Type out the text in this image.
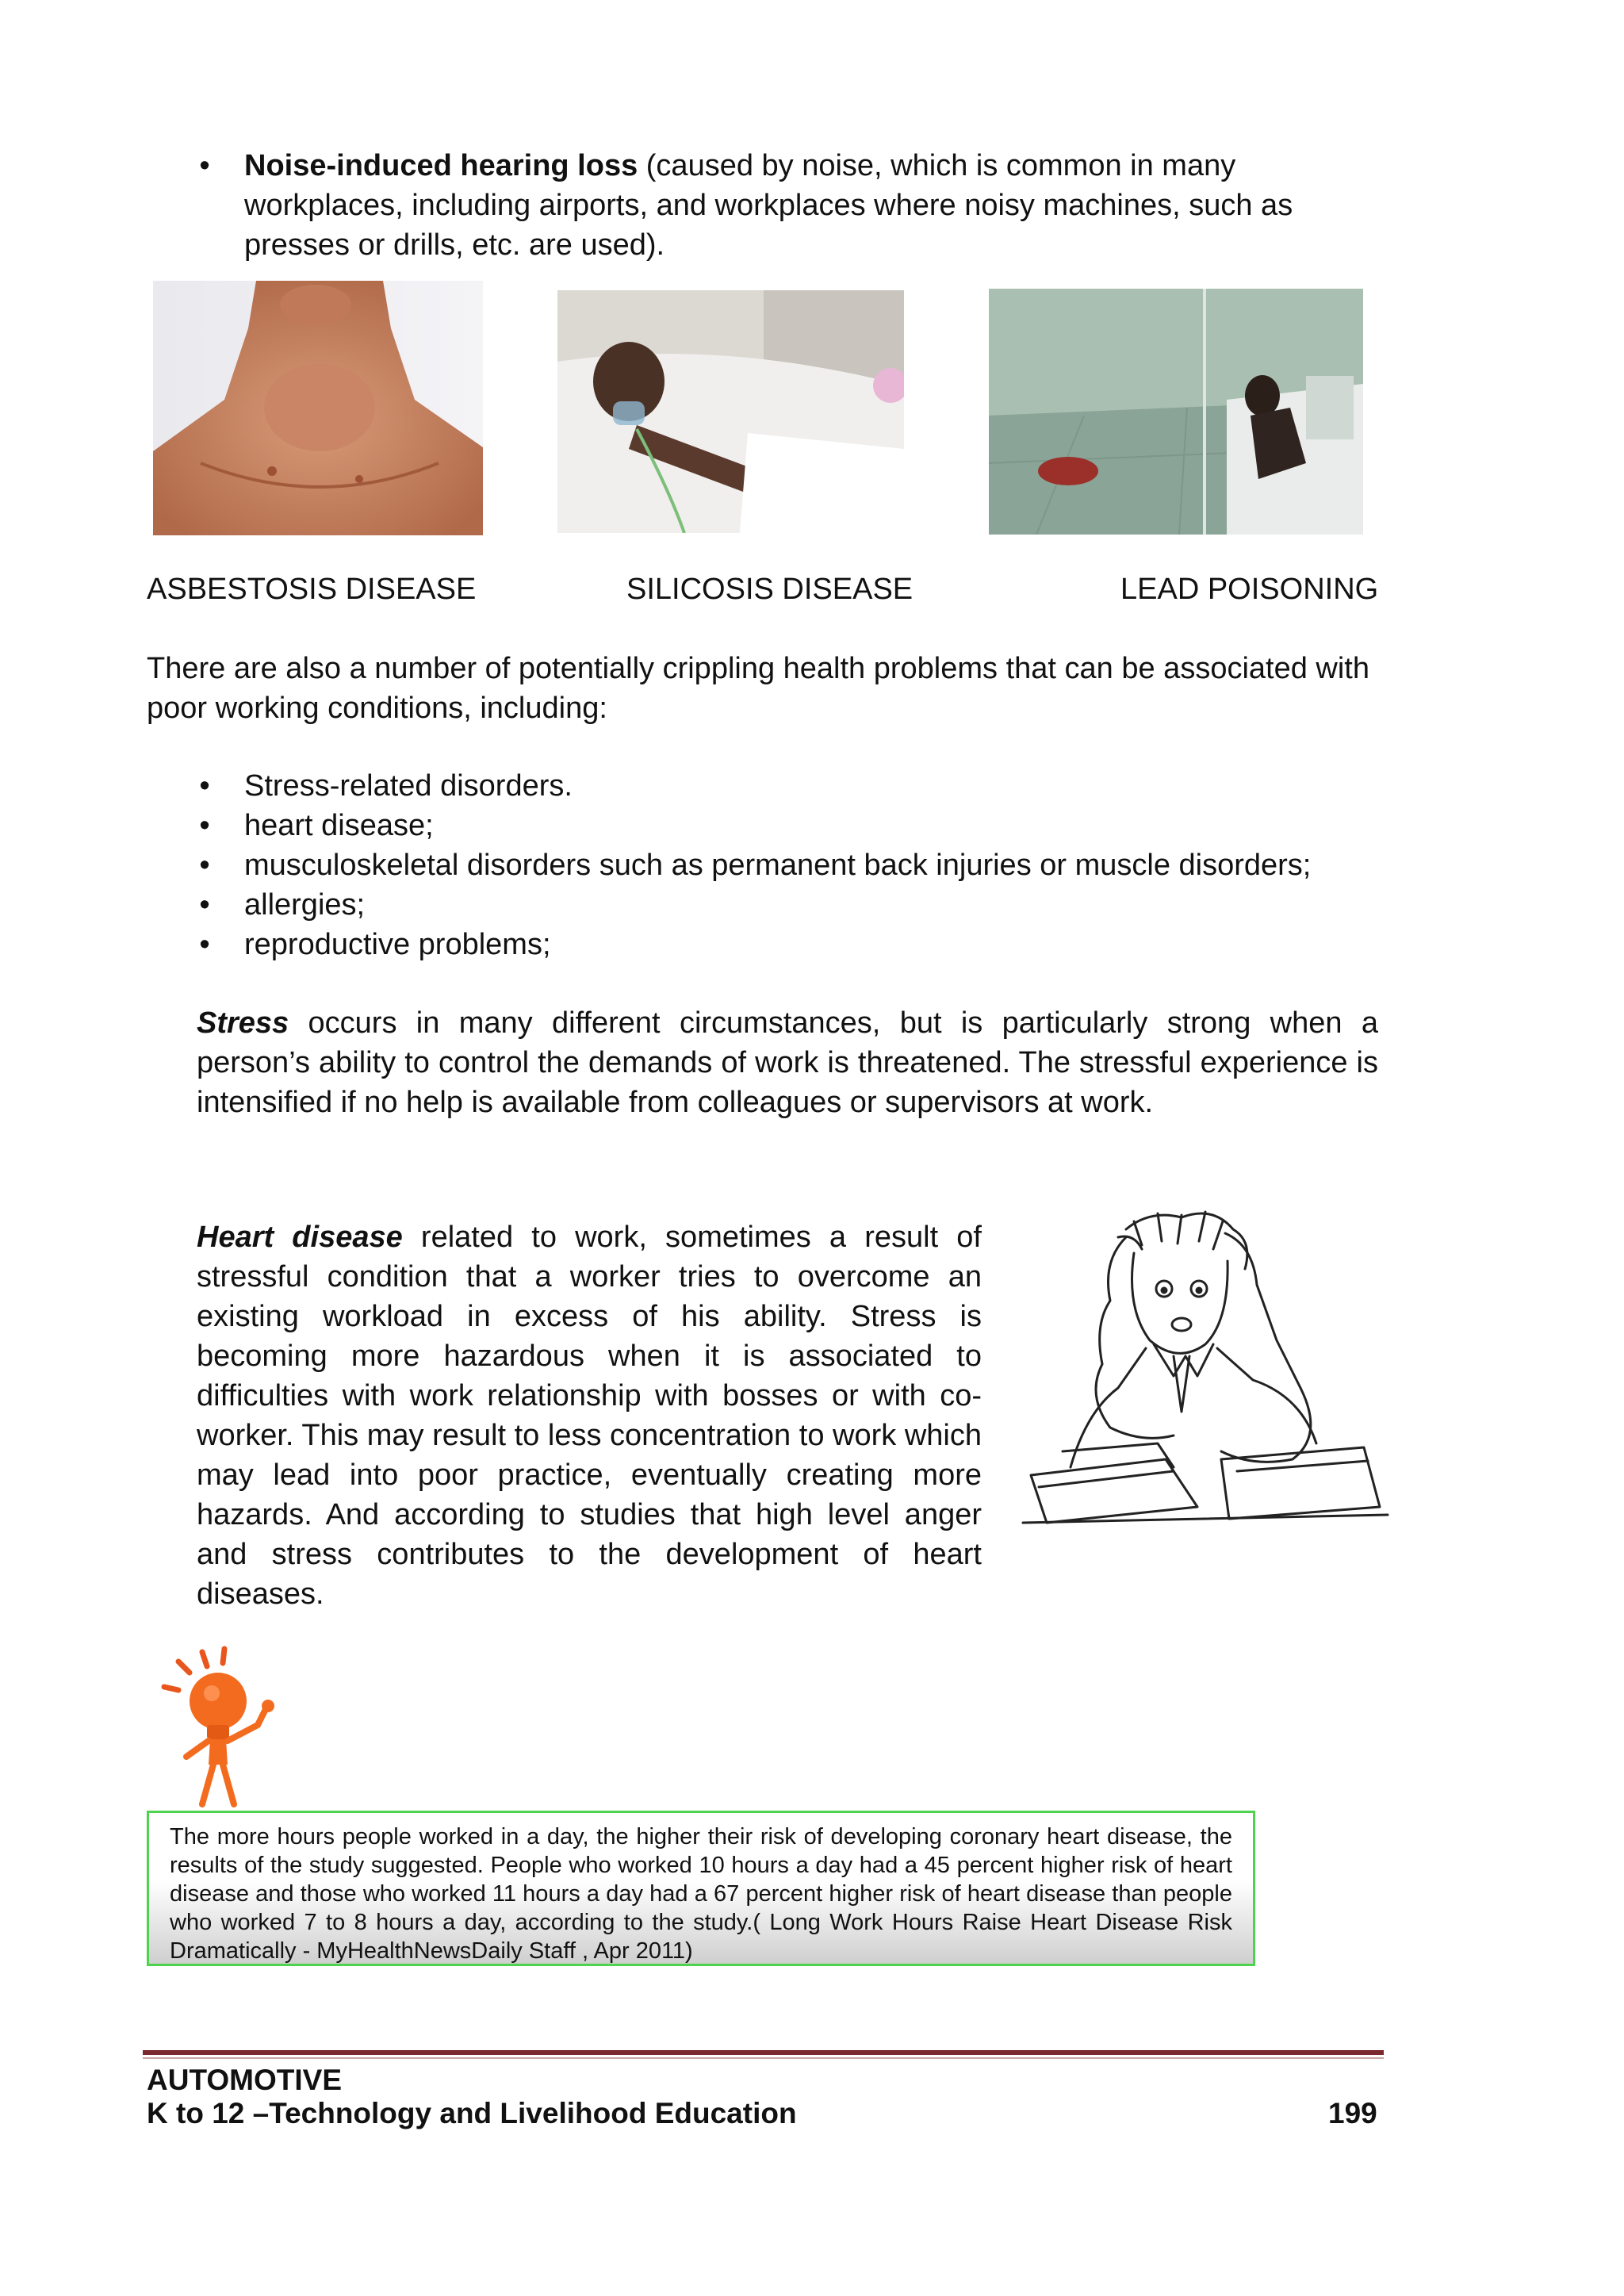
• Noise-induced hearing loss (caused by noise, which is common in many workplaces, including airports, and workplaces where noisy machines, such as presses or drills, etc. are used).
ASBESTOSIS DISEASE	SILICOSIS DISEASE	LEAD POISONING

There are also a number of potentially crippling health problems that can be associated with poor working conditions, including:

• Stress-related disorders.
• heart disease;
• musculoskeletal disorders such as permanent back injuries or muscle disorders;
• allergies;
• reproductive problems;

Stress occurs in many different circumstances, but is particularly strong when a person’s ability to control the demands of work is threatened. The stressful experience is intensified if no help is available from colleagues or supervisors at work.

Heart disease related to work, sometimes a result of stressful condition that a worker tries to overcome an existing workload in excess of his ability. Stress is becoming more hazardous when it is associated to difficulties with work relationship with bosses or with co-worker. This may result to less concentration to work which may lead into poor practice, eventually creating more hazards. And according to studies that high level anger and stress contributes to the development of heart diseases.

The more hours people worked in a day, the higher their risk of developing coronary heart disease, the results of the study suggested. People who worked 10 hours a day had a 45 percent higher risk of heart disease and those who worked 11 hours a day had a 67 percent higher risk of heart disease than people who worked 7 to 8 hours a day, according to the study.( Long Work Hours Raise Heart Disease Risk Dramatically - MyHealthNewsDaily Staff , Apr 2011)
AUTOMOTIVE
K to 12 –Technology and Livelihood Education	199
